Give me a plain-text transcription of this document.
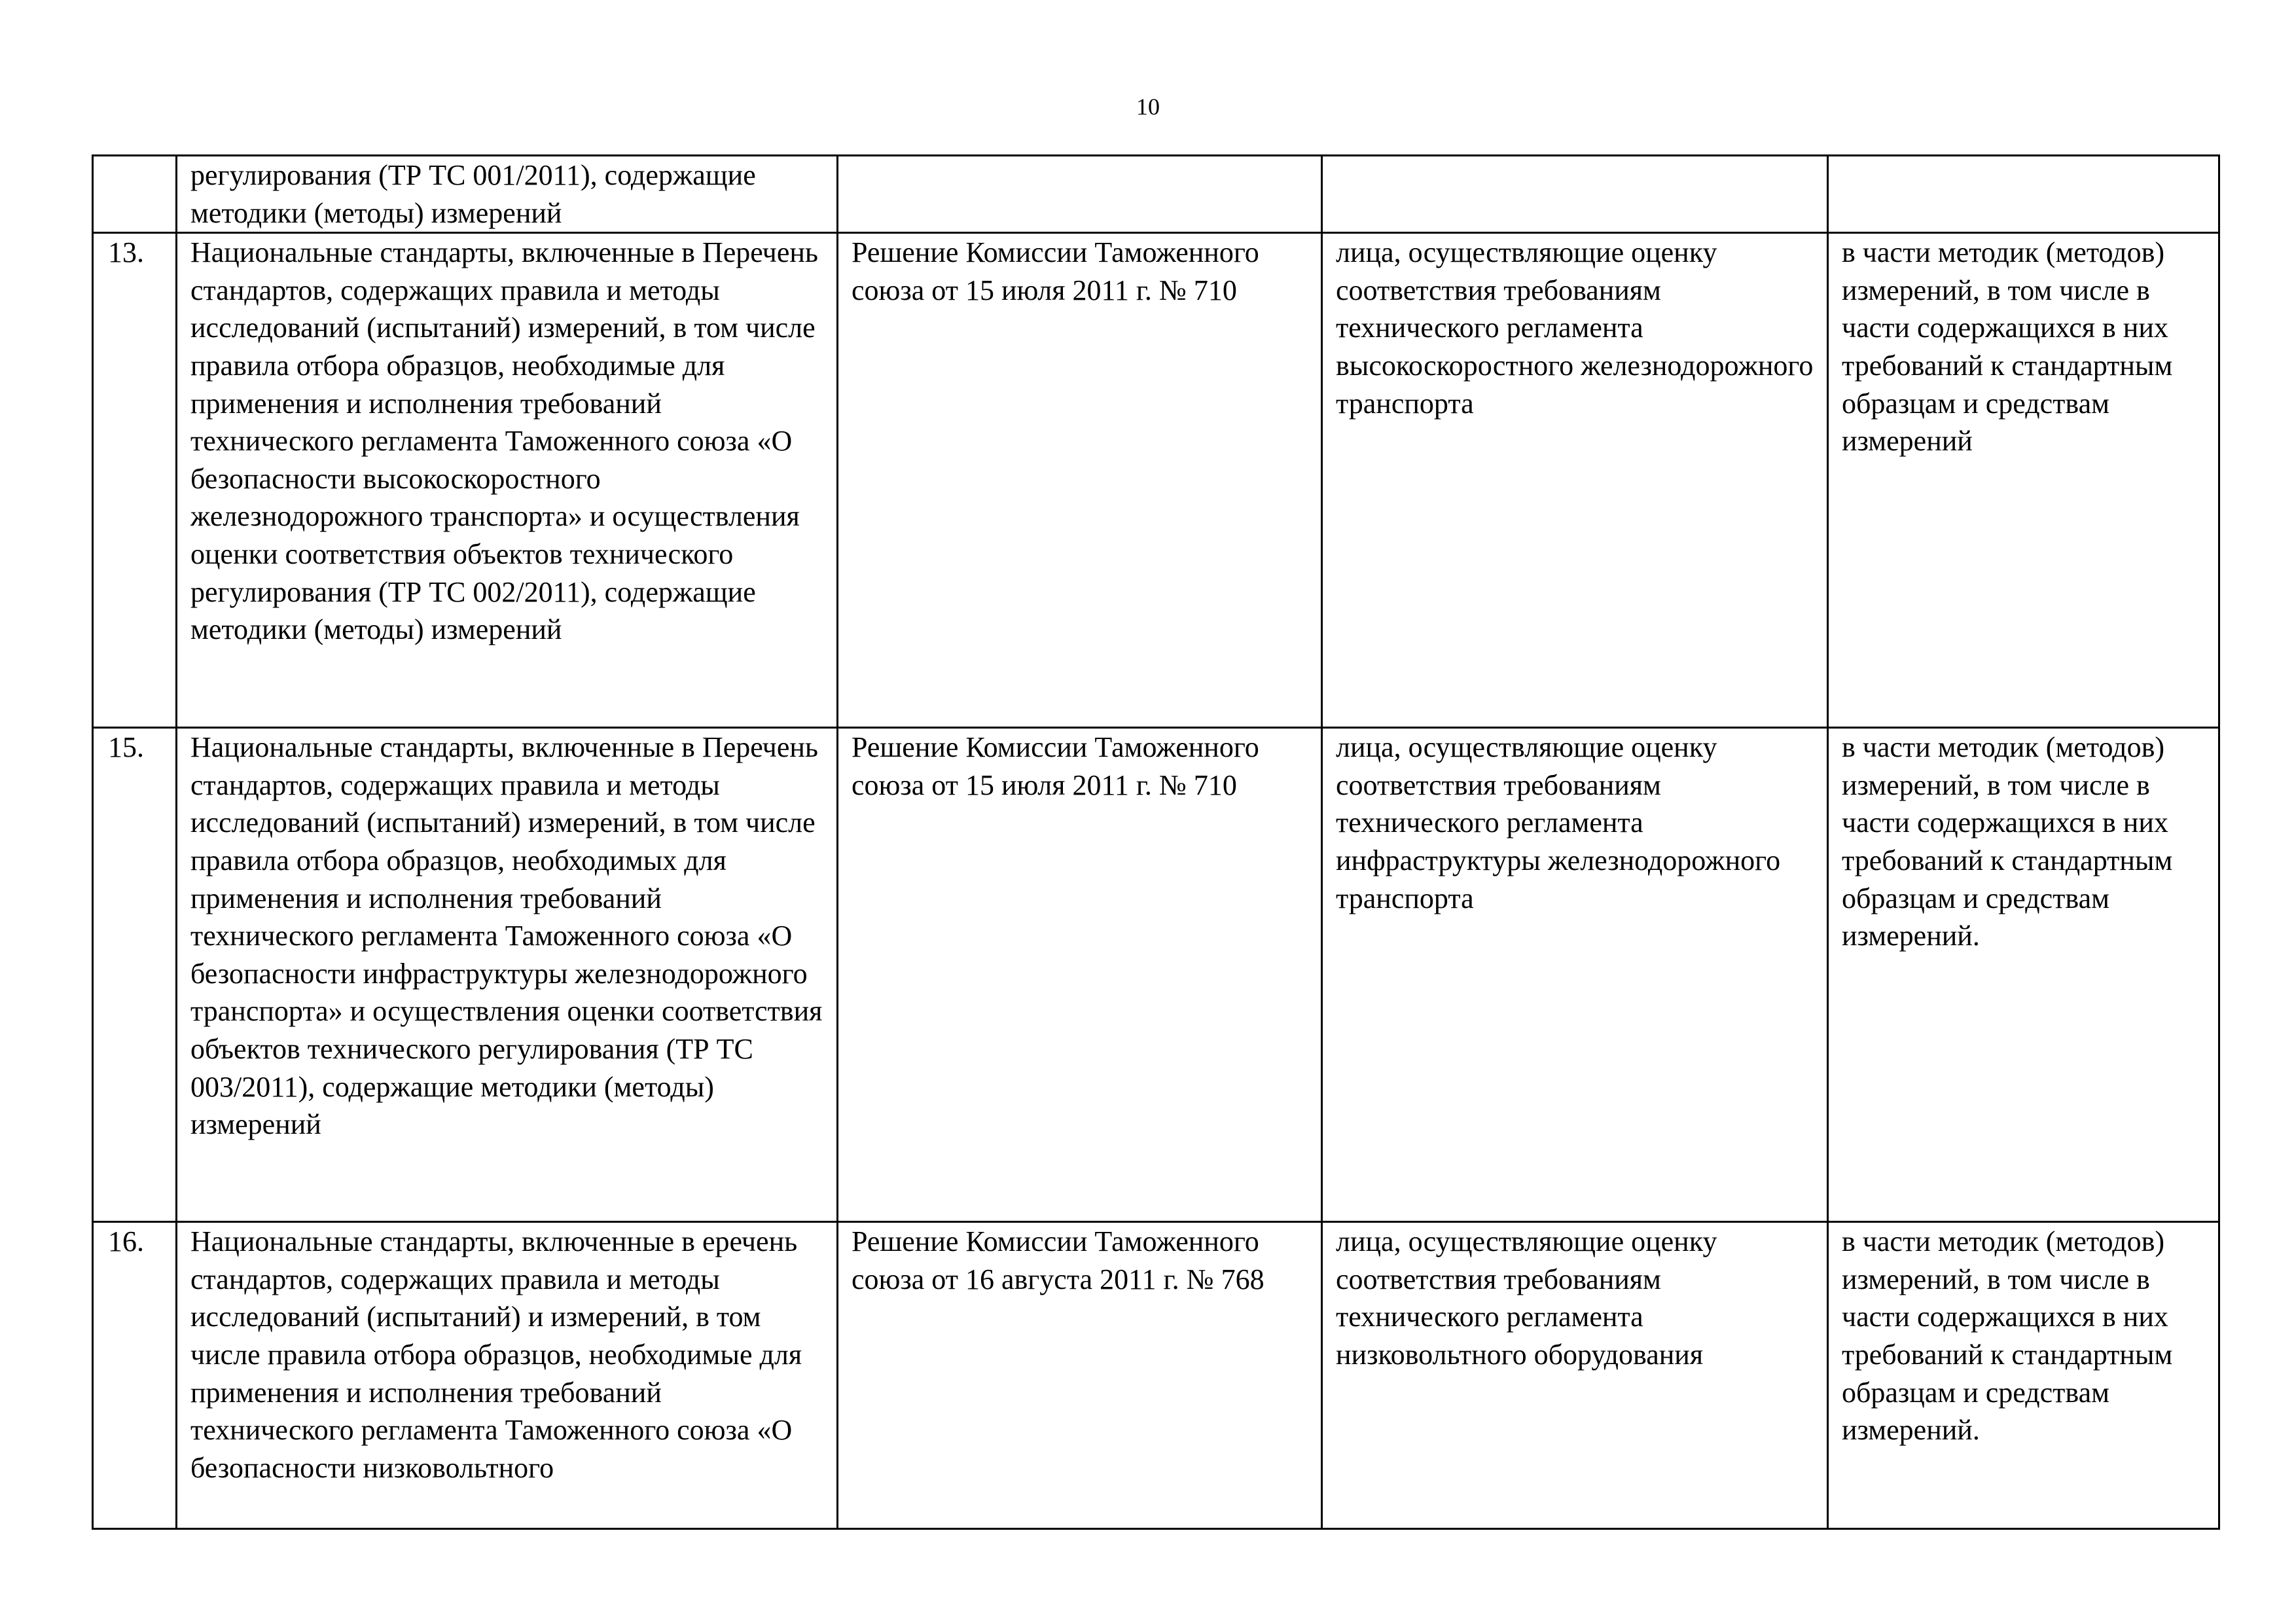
10
	регулирования (ТР ТС 001/2011), содержащие методики (методы) измерений			
13.	Национальные стандарты, включенные в Перечень стандартов, содержащих правила и методы исследований (испытаний) измерений, в том числе правила отбора образцов, необходимые для применения и исполнения требований технического регламента Таможенного союза «О безопасности высокоскоростного железнодорожного транспорта» и осуществления оценки соответствия объектов технического регулирования (ТР ТС 002/2011), содержащие методики (методы) измерений	Решение Комиссии Таможенного союза от 15 июля 2011 г. № 710	лица, осуществляющие оценку соответствия требованиям технического регламента высокоскоростного железнодорожного транспорта	в части методик (методов) измерений, в том числе в части содержащихся в них требований к стандартным образцам и средствам измерений
15.	Национальные стандарты, включенные в Перечень стандартов, содержащих правила и методы исследований (испытаний) измерений, в том числе правила отбора образцов, необходимых для применения и исполнения требований технического регламента Таможенного союза «О безопасности инфраструктуры железнодорожного транспорта» и осуществления оценки соответствия объектов технического регулирования (ТР ТС 003/2011), содержащие методики (методы) измерений	Решение Комиссии Таможенного союза от 15 июля 2011 г. № 710	лица, осуществляющие оценку соответствия требованиям технического регламента инфраструктуры железнодорожного транспорта	в части методик (методов) измерений, в том числе в части содержащихся в них требований к стандартным образцам и средствам измерений.
16.	Национальные стандарты, включенные в еречень стандартов, содержащих правила и методы исследований (испытаний) и измерений, в том числе правила отбора образцов, необходимые для применения и исполнения требований технического регламента Таможенного союза «О безопасности низковольтного	Решение Комиссии Таможенного союза от 16 августа 2011 г. № 768	лица, осуществляющие оценку соответствия требованиям технического регламента низковольтного оборудования	в части методик (методов) измерений, в том числе в части содержащихся в них требований к стандартным образцам и средствам измерений.
